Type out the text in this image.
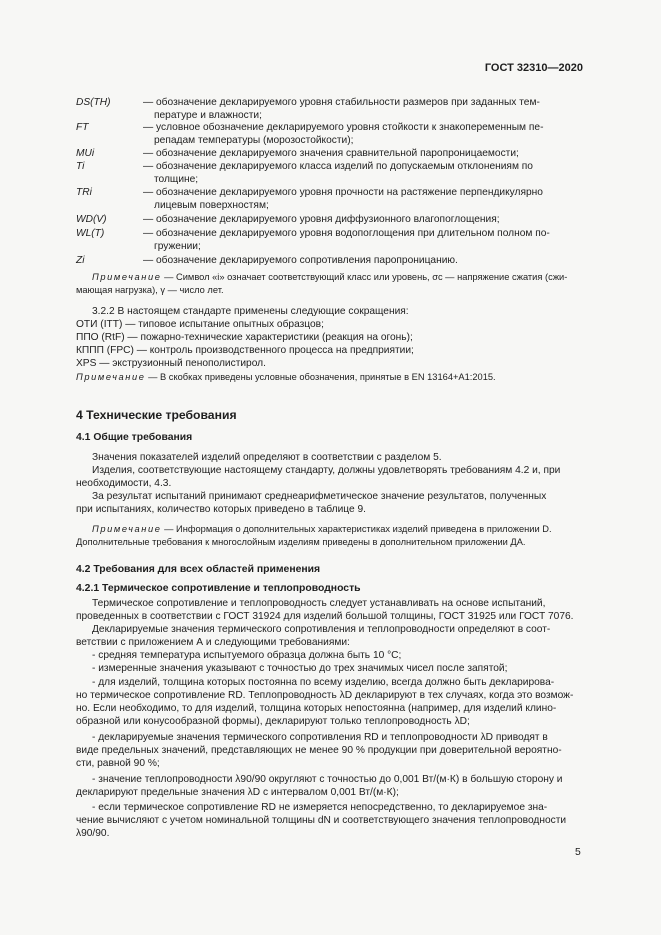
ГОСТ 32310—2020
DS(TH)	— обозначение декларируемого уровня стабильности размеров при заданных тем-
пературе и влажности;
FT	— условное обозначение декларируемого уровня стойкости к знакопеременным пе-
репадам температуры (морозостойкости);
MUi	— обозначение декларируемого значения сравнительной паропроницаемости;
Ti	— обозначение декларируемого класса изделий по допускаемым отклонениям по
толщине;
TRi	— обозначение декларируемого уровня прочности на растяжение перпендикулярно
лицевым поверхностям;
WD(V)	— обозначение декларируемого уровня диффузионного влагопоглощения;
WL(T)	— обозначение декларируемого уровня водопоглощения при длительном полном по-
гружении;
Zi	— обозначение декларируемого сопротивления паропроницанию.
Примечание — Символ «i» означает соответствующий класс или уровень, σc — напряжение сжатия (сжи-
мающая нагрузка), γ — число лет.
3.2.2 В настоящем стандарте применены следующие сокращения:
ОТИ (ITT) — типовое испытание опытных образцов;
ППО (RtF) — пожарно-технические характеристики (реакция на огонь);
КППП (FPC) — контроль производственного процесса на предприятии;
XPS — экструзионный пенополистирол.
Примечание — В скобках приведены условные обозначения, принятые в EN 13164+A1:2015.
4 Технические требования
4.1 Общие требования
Значения показателей изделий определяют в соответствии с разделом 5.
Изделия, соответствующие настоящему стандарту, должны удовлетворять требованиям 4.2 и, при
необходимости, 4.3.
За результат испытаний принимают среднеарифметическое значение результатов, полученных
при испытаниях, количество которых приведено в таблице 9.
Примечание — Информация о дополнительных характеристиках изделий приведена в приложении D.
Дополнительные требования к многослойным изделиям приведены в дополнительном приложении ДА.
4.2 Требования для всех областей применения
4.2.1 Термическое сопротивление и теплопроводность
Термическое сопротивление и теплопроводность следует устанавливать на основе испытаний,
проведенных в соответствии с ГОСТ 31924 для изделий большой толщины, ГОСТ 31925 или ГОСТ 7076.
Декларируемые значения термического сопротивления и теплопроводности определяют в соот-
ветствии с приложением А и следующими требованиями:
- средняя температура испытуемого образца должна быть 10 °С;
- измеренные значения указывают с точностью до трех значимых чисел после запятой;
- для изделий, толщина которых постоянна по всему изделию, всегда должно быть декларирова-
но термическое сопротивление RD. Теплопроводность λD декларируют в тех случаях, когда это возмож-
но. Если необходимо, то для изделий, толщина которых непостоянна (например, для изделий клино-
образной или конусообразной формы), декларируют только теплопроводность λD;
- декларируемые значения термического сопротивления RD и теплопроводности λD приводят в
виде предельных значений, представляющих не менее 90 % продукции при доверительной вероятно-
сти, равной 90 %;
- значение теплопроводности λ90/90 округляют с точностью до 0,001 Вт/(м·К) в большую сторону и
декларируют предельные значения λD с интервалом 0,001 Вт/(м·К);
- если термическое сопротивление RD не измеряется непосредственно, то декларируемое зна-
чение вычисляют с учетом номинальной толщины dN и соответствующего значения теплопроводности
λ90/90.
5
